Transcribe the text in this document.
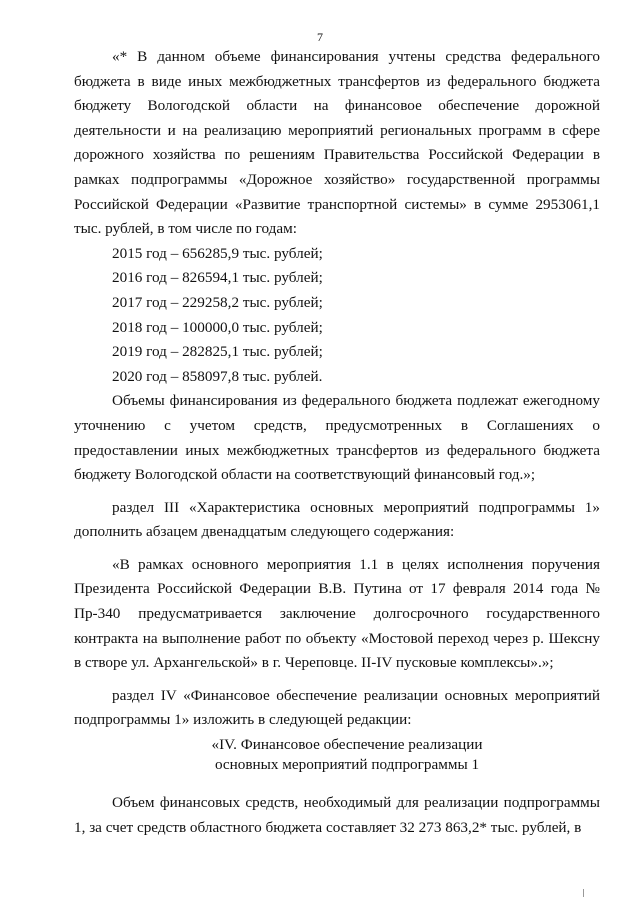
7

«* В данном объеме финансирования учтены средства федерального бюджета в виде иных межбюджетных трансфертов из федерального бюджета бюджету Вологодской области на финансовое обеспечение дорожной деятельности и на реализацию мероприятий региональных программ в сфере дорожного хозяйства по решениям Правительства Российской Федерации в рамках подпрограммы «Дорожное хозяйство» государственной программы Российской Федерации «Развитие транспортной системы» в сумме 2953061,1 тыс. рублей, в том числе по годам:

2015 год – 656285,9 тыс. рублей;

2016 год – 826594,1 тыс. рублей;

2017 год – 229258,2 тыс. рублей;

2018 год – 100000,0 тыс. рублей;

2019 год – 282825,1 тыс. рублей;

2020 год – 858097,8 тыс. рублей.

Объемы финансирования из федерального бюджета подлежат ежегодному уточнению с учетом средств, предусмотренных в Соглашениях о предоставлении иных межбюджетных трансфертов из федерального бюджета бюджету Вологодской области на соответствующий финансовый год.»;

раздел III «Характеристика основных мероприятий подпрограммы 1» дополнить абзацем двенадцатым следующего содержания:

«В рамках основного мероприятия 1.1 в целях исполнения поручения Президента Российской Федерации В.В. Путина от 17 февраля 2014 года № Пр-340 предусматривается заключение долгосрочного государственного контракта на выполнение работ по объекту «Мостовой переход через р. Шексну в створе ул. Архангельской» в г. Череповце. II-IV пусковые комплексы».»;

раздел IV «Финансовое обеспечение реализации основных мероприятий подпрограммы 1» изложить в следующей редакции:

«IV. Финансовое обеспечение реализации
основных мероприятий подпрограммы 1

Объем финансовых средств, необходимый для реализации подпрограммы 1, за счет средств областного бюджета составляет 32 273 863,2* тыс. рублей, в
